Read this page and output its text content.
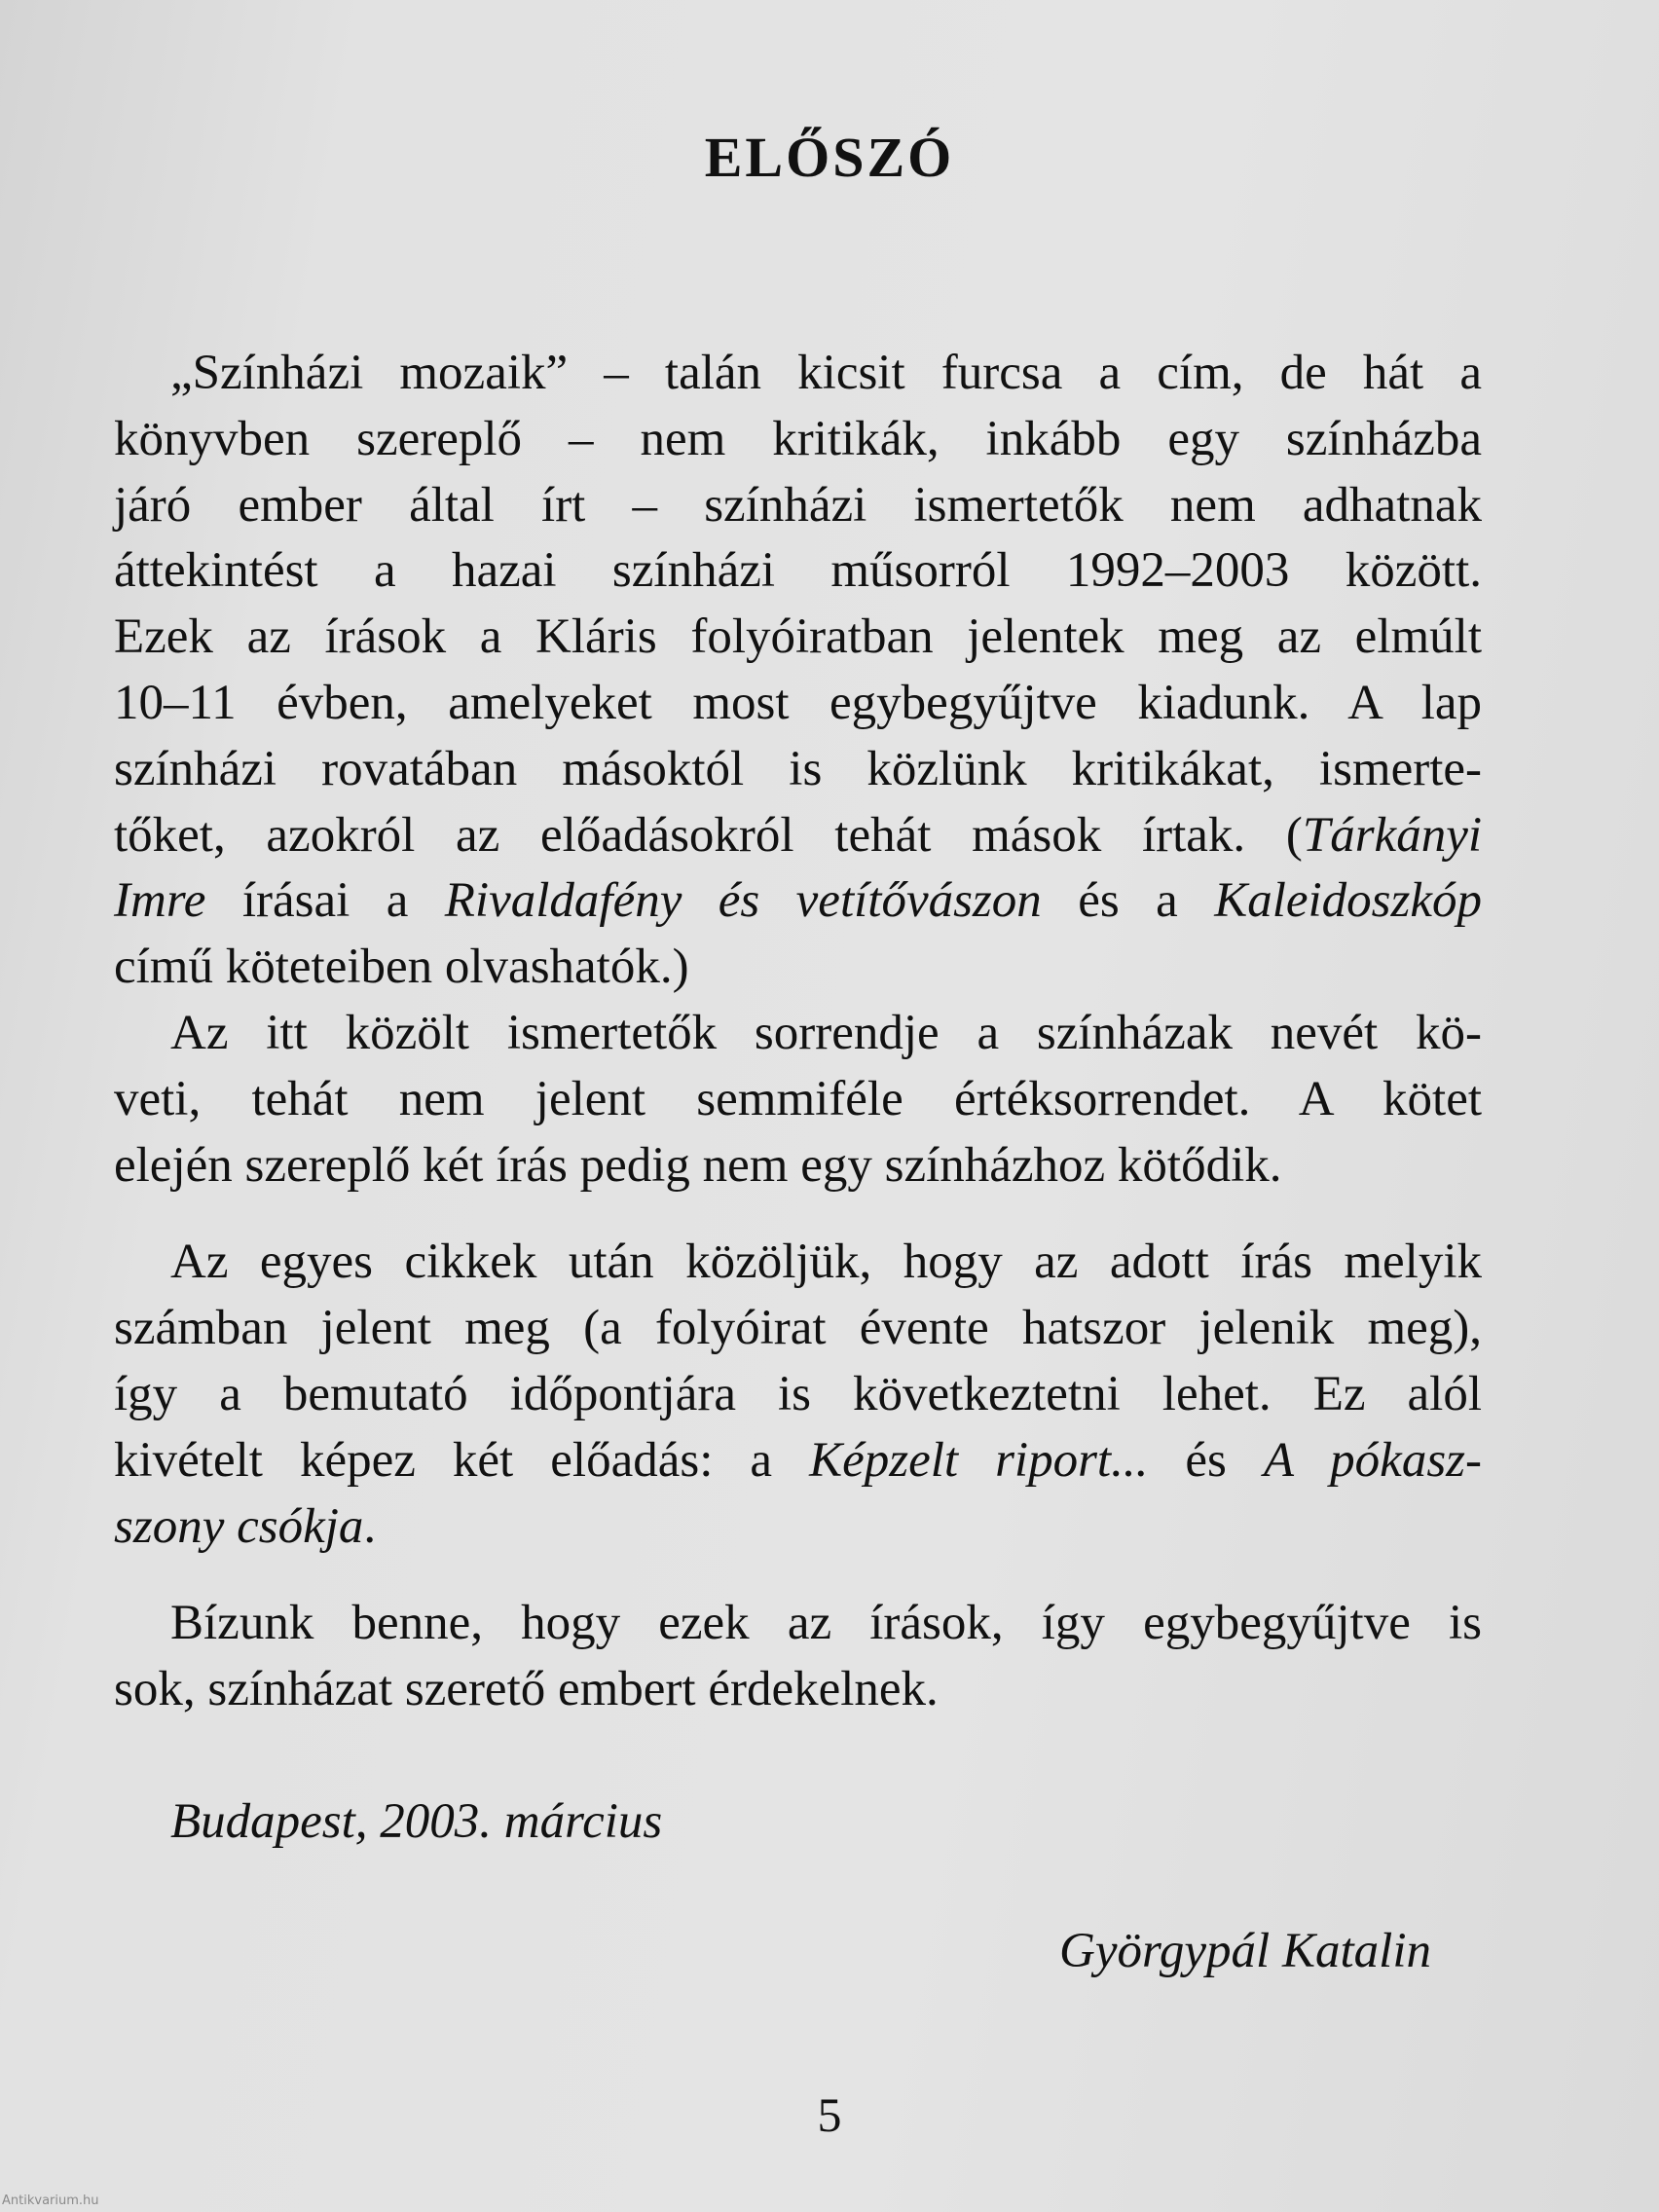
ELŐSZÓ
„Színházi mozaik” – talán kicsit furcsa a cím, de hát a
könyvben szereplő – nem kritikák, inkább egy színházba
járó ember által írt – színházi ismertetők nem adhatnak
áttekintést a hazai színházi műsorról 1992–2003 között.
Ezek az írások a Kláris folyóiratban jelentek meg az elmúlt
10–11 évben, amelyeket most egybegyűjtve kiadunk. A lap
színházi rovatában másoktól is közlünk kritikákat, ismerte-
tőket, azokról az előadásokról tehát mások írtak. (Tárkányi
Imre írásai a Rivaldafény és vetítővászon és a Kaleidoszkóp
című köteteiben olvashatók.)
Az itt közölt ismertetők sorrendje a színházak nevét kö-
veti, tehát nem jelent semmiféle értéksorrendet. A kötet
elején szereplő két írás pedig nem egy színházhoz kötődik.
Az egyes cikkek után közöljük, hogy az adott írás melyik
számban jelent meg (a folyóirat évente hatszor jelenik meg),
így a bemutató időpontjára is következtetni lehet. Ez alól
kivételt képez két előadás: a Képzelt riport... és A pókasz-
szony csókja.
Bízunk benne, hogy ezek az írások, így egybegyűjtve is
sok, színházat szerető embert érdekelnek.
Budapest, 2003. március
Györgypál Katalin
5
Antikvarium.hu
